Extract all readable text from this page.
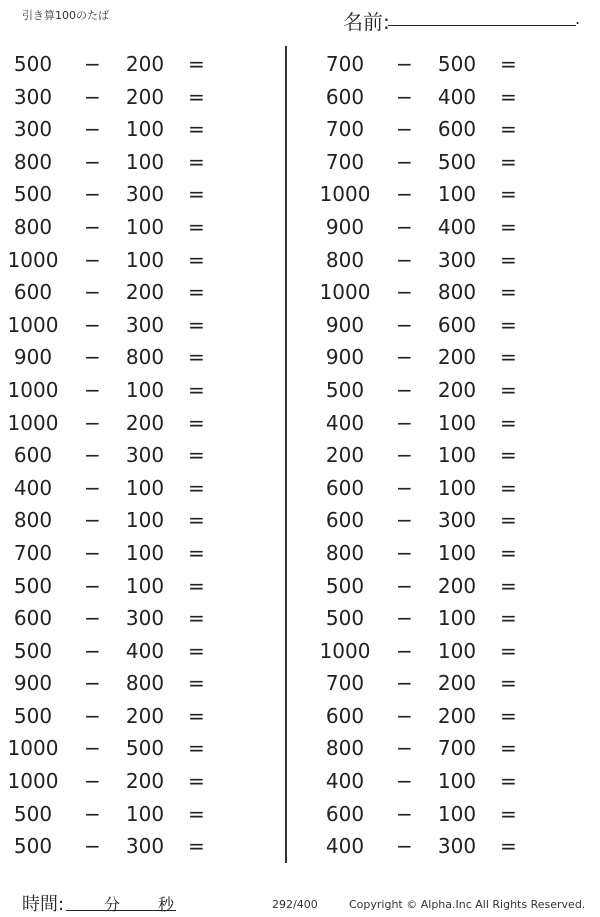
引き算100のたば	名前:	.
500	− 200 =
300	− 200 =
300	− 100 =
800	− 100 =
500	− 300 =
800	− 100 =
1000	− 100 =
600	− 200 =
1000	− 300 =
900	− 800 =
1000	− 100 =
1000	− 200 =
600	− 300 =
400	− 100 =
800	− 100 =
700	− 100 =
500	− 100 =
600	− 300 =
500	− 400 =
900	− 800 =
500	− 200 =
1000	− 500 =
1000	− 200 =
500	− 100 =
500	− 300 =
700	− 500 =
600	− 400 =
700	− 600 =
700	− 500 =
1000	− 100 =
900	− 400 =
800	− 300 =
1000	− 800 =
900	− 600 =
900	− 200 =
500	− 200 =
400	− 100 =
200	− 100 =
600	− 100 =
600	− 300 =
800	− 100 =
500	− 200 =
500	− 100 =
1000	− 100 =
700	− 200 =
600	− 200 =
800	− 700 =
400	− 100 =
600	− 100 =
400	− 300 =
時間: 分 秒	292/400	Copyright © Alpha.Inc All Rights Reserved.
